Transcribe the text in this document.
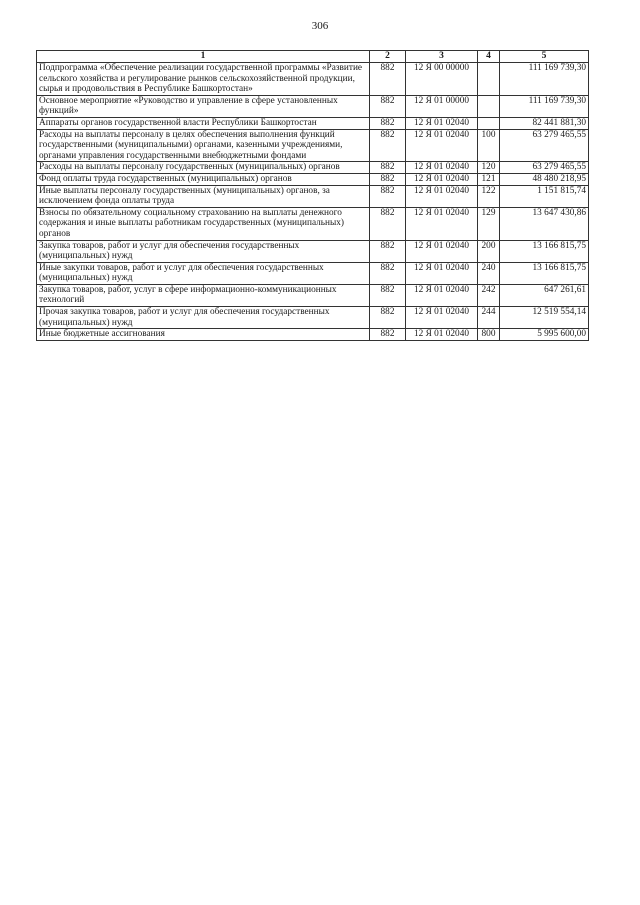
306
1	2	3	4	5
Подпрограмма «Обеспечение реализации государственной программы «Развитие сельского хозяйства и регулирование рынков сельскохозяйственной продукции, сырья и продовольствия в Республике Башкортостан»	882	12 Я 00 00000		111 169 739,30
Основное мероприятие «Руководство и управление в сфере установленных функций»	882	12 Я 01 00000		111 169 739,30
Аппараты органов государственной власти Республики Башкортостан	882	12 Я 01 02040		82 441 881,30
Расходы на выплаты персоналу в целях обеспечения выполнения функций государственными (муниципальными) органами, казенными учреждениями, органами управления государственными внебюджетными фондами	882	12 Я 01 02040	100	63 279 465,55
Расходы на выплаты персоналу государственных (муниципальных) органов	882	12 Я 01 02040	120	63 279 465,55
Фонд оплаты труда государственных (муниципальных) органов	882	12 Я 01 02040	121	48 480 218,95
Иные выплаты персоналу государственных (муниципальных) органов, за исключением фонда оплаты труда	882	12 Я 01 02040	122	1 151 815,74
Взносы по обязательному социальному страхованию на выплаты денежного содержания и иные выплаты работникам государственных (муниципальных) органов	882	12 Я 01 02040	129	13 647 430,86
Закупка товаров, работ и услуг для обеспечения государственных (муниципальных) нужд	882	12 Я 01 02040	200	13 166 815,75
Иные закупки товаров, работ и услуг для обеспечения государственных (муниципальных) нужд	882	12 Я 01 02040	240	13 166 815,75
Закупка товаров, работ, услуг в сфере информационно-коммуникационных технологий	882	12 Я 01 02040	242	647 261,61
Прочая закупка товаров, работ и услуг для обеспечения государственных (муниципальных) нужд	882	12 Я 01 02040	244	12 519 554,14
Иные бюджетные ассигнования	882	12 Я 01 02040	800	5 995 600,00
